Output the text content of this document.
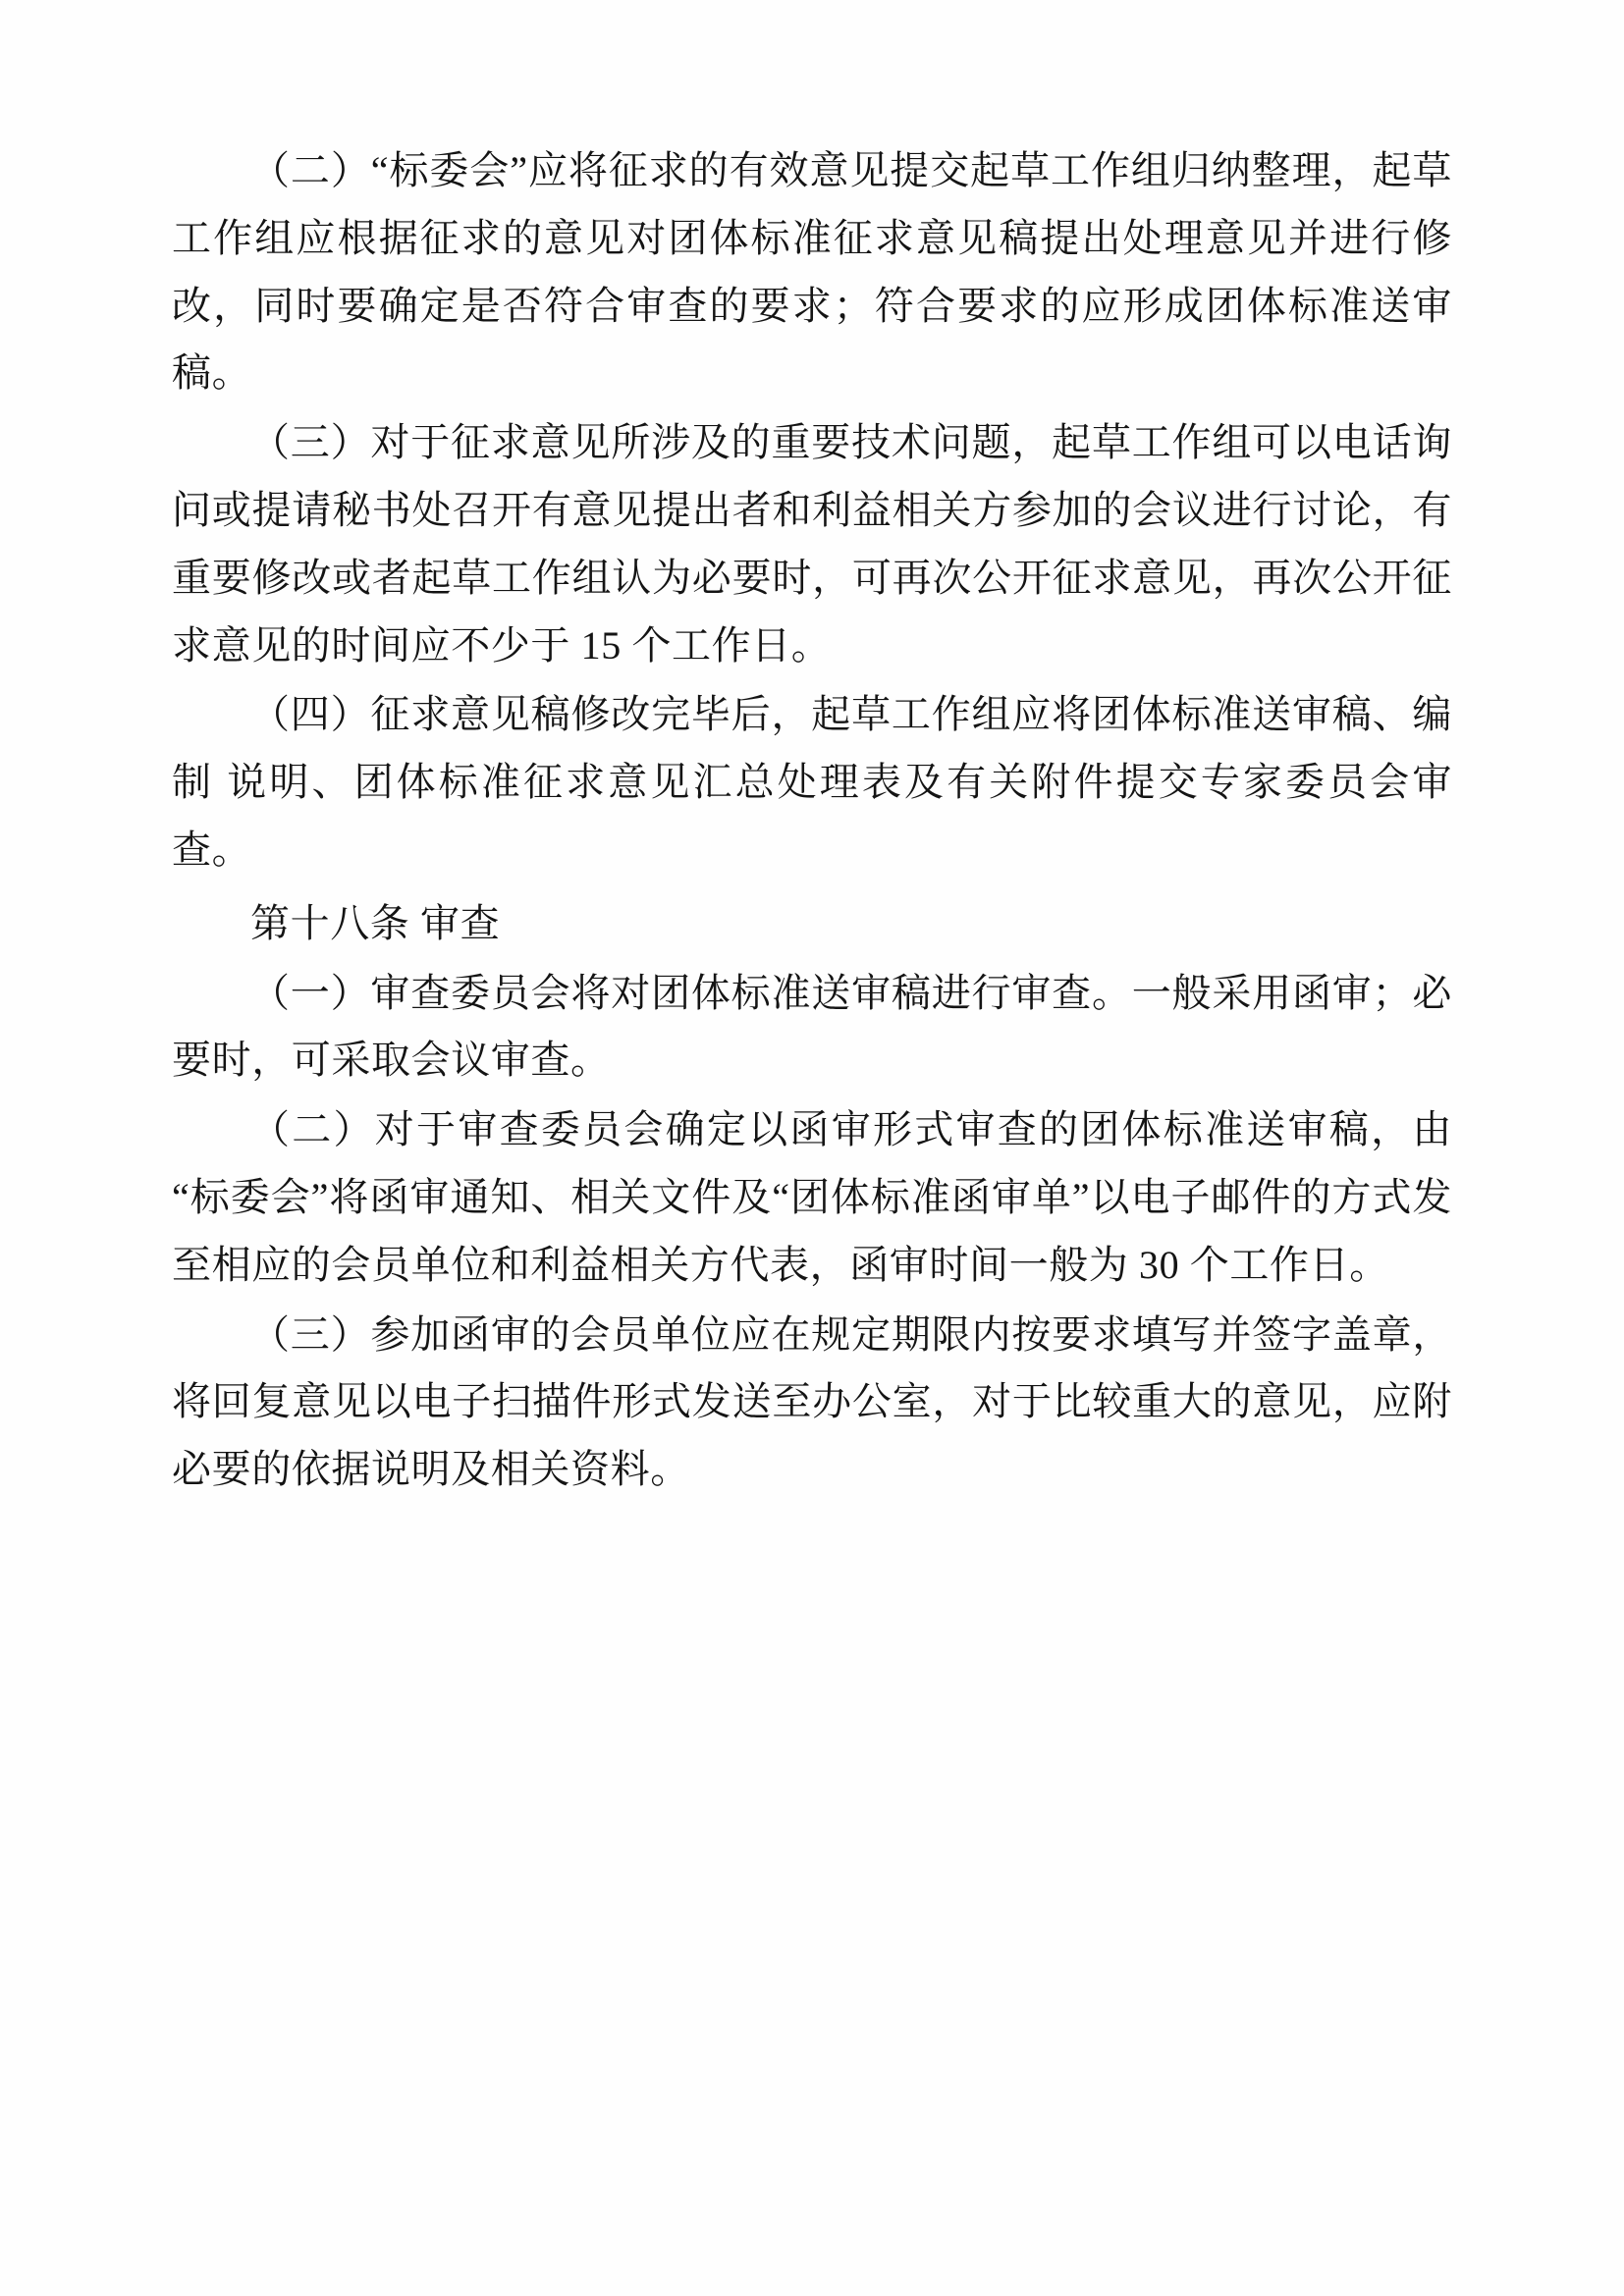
（二）“标委会”应将征求的有效意见提交起草工作组归纳整理，起草工作组应根据征求的意见对团体标准征求意见稿提出处理意见并进行修改，同时要确定是否符合审查的要求；符合要求的应形成团体标准送审稿。

（三）对于征求意见所涉及的重要技术问题，起草工作组可以电话询问或提请秘书处召开有意见提出者和利益相关方参加的会议进行讨论，有重要修改或者起草工作组认为必要时，可再次公开征求意见，再次公开征求意见的时间应不少于 15 个工作日。

（四）征求意见稿修改完毕后，起草工作组应将团体标准送审稿、编制 说明、团体标准征求意见汇总处理表及有关附件提交专家委员会审查。

第十八条 审查

（一）审查委员会将对团体标准送审稿进行审查。一般采用函审；必要时，可采取会议审查。

（二）对于审查委员会确定以函审形式审查的团体标准送审稿，由“标委会”将函审通知、相关文件及“团体标准函审单”以电子邮件的方式发至相应的会员单位和利益相关方代表，函审时间一般为 30 个工作日。

（三）参加函审的会员单位应在规定期限内按要求填写并签字盖章，将回复意见以电子扫描件形式发送至办公室，对于比较重大的意见，应附必要的依据说明及相关资料。
